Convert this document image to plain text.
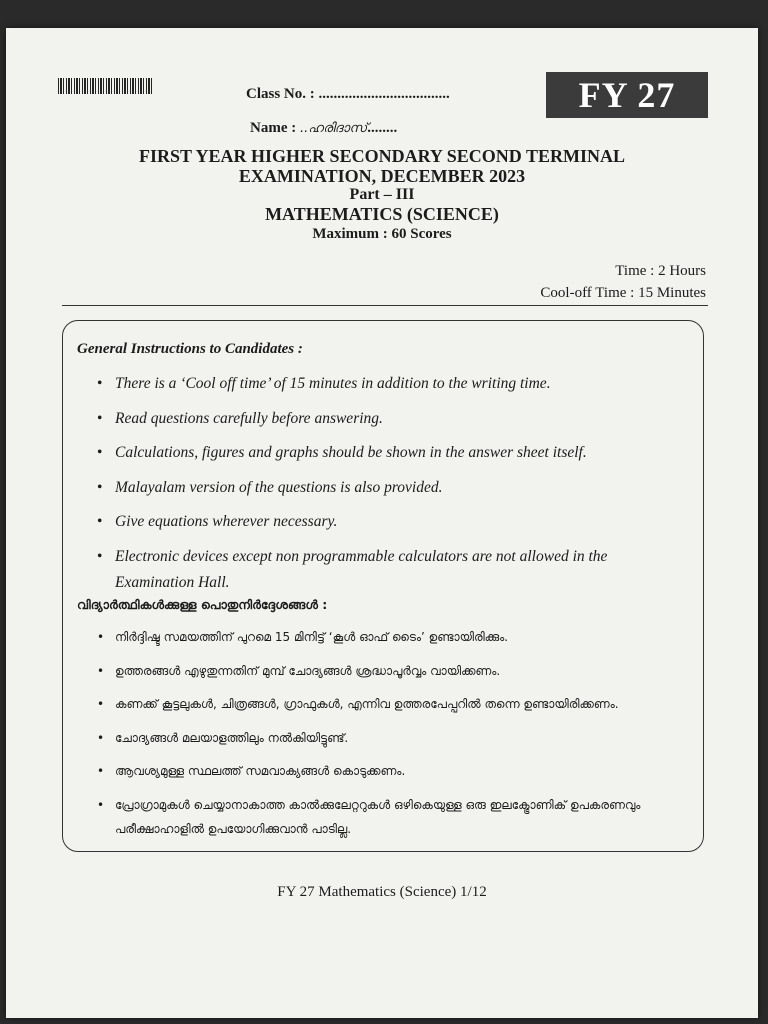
Class No. : ...................................
Name : ..ഹരിദാസ്........
FY 27
FIRST YEAR HIGHER SECONDARY SECOND TERMINAL
EXAMINATION, DECEMBER 2023
Part – III
MATHEMATICS (SCIENCE)
Maximum : 60 Scores
Time : 2 Hours
Cool-off Time : 15 Minutes
General Instructions to Candidates :
• There is a ‘Cool off time’ of 15 minutes in addition to the writing time.
• Read questions carefully before answering.
• Calculations, figures and graphs should be shown in the answer sheet itself.
• Malayalam version of the questions is also provided.
• Give equations wherever necessary.
• Electronic devices except non programmable calculators are not allowed in the Examination Hall.
വിദ്യാർത്ഥികൾക്കുള്ള പൊതുനിർദ്ദേശങ്ങൾ :
• നിർദ്ദിഷ്ട സമയത്തിന് പുറമെ 15 മിനിട്ട് ‘കൂൾ ഓഫ് ടൈം’ ഉണ്ടായിരിക്കും.
• ഉത്തരങ്ങൾ എഴുതുന്നതിന് മുമ്പ് ചോദ്യങ്ങൾ ശ്രദ്ധാപൂർവ്വം വായിക്കണം.
• കണക്ക് കൂട്ടലുകൾ, ചിത്രങ്ങൾ, ഗ്രാഫുകൾ, എന്നിവ ഉത്തരപേപ്പറിൽ തന്നെ ഉണ്ടായിരിക്കണം.
• ചോദ്യങ്ങൾ മലയാളത്തിലും നൽകിയിട്ടുണ്ട്.
• ആവശ്യമുള്ള സ്ഥലത്ത് സമവാക്യങ്ങൾ കൊടുക്കണം.
• പ്രോഗ്രാമുകൾ ചെയ്യാനാകാത്ത കാൽക്കുലേറ്ററുകൾ ഒഴികെയുള്ള ഒരു ഇലക്ട്രോണിക് ഉപകരണവും പരീക്ഷാഹാളിൽ ഉപയോഗിക്കുവാൻ പാടില്ല.
FY 27 Mathematics (Science) 1/12
